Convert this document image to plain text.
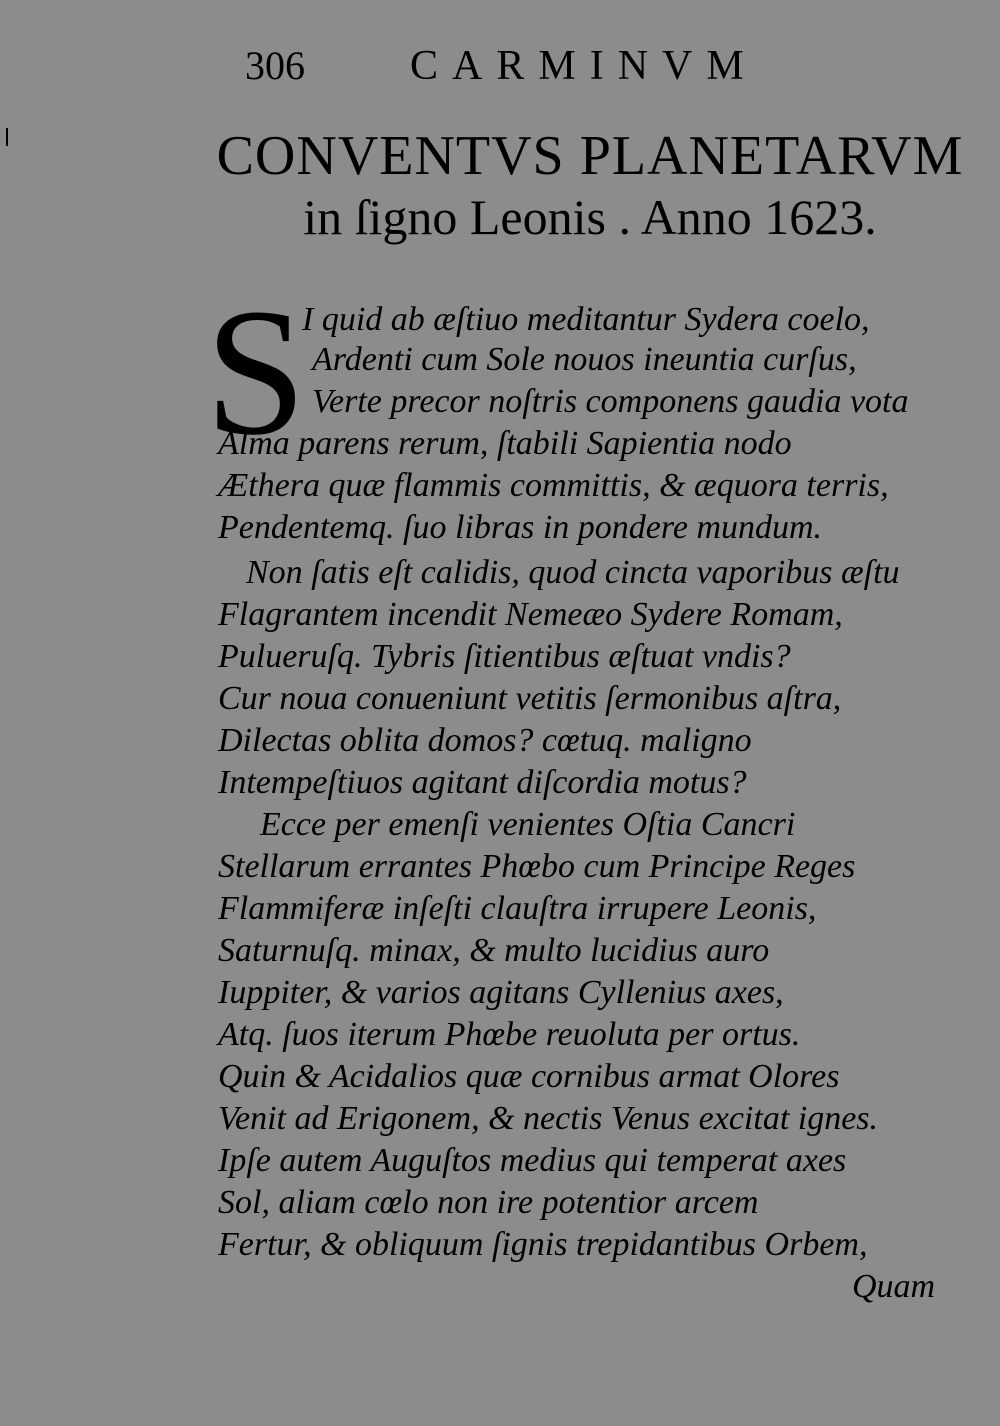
306	CARMINVM
CONVENTVS PLANETARVM
in ſigno Leonis . Anno 1623.
S
I quid ab æſtiuo meditantur Sydera coelo,
Ardenti cum Sole nouos ineuntia curſus,
Verte precor noſtris componens gaudia vota
Alma parens rerum, ſtabili Sapientia nodo
Æthera quæ flammis committis, & æquora terris,
Pendentemq. ſuo libras in pondere mundum.
Non ſatis eſt calidis, quod cincta vaporibus æſtu
Flagrantem incendit Nemeæo Sydere Romam,
Pulueruſq. Tybris ſitientibus æſtuat vndis?
Cur noua conueniunt vetitis ſermonibus aſtra,
Dilectas oblita domos? cœtuq. maligno
Intempeſtiuos agitant diſcordia motus?
Ecce per emenſi venientes Oſtia Cancri
Stellarum errantes Phœbo cum Principe Reges
Flammiferæ inſeſti clauſtra irrupere Leonis,
Saturnuſq. minax, & multo lucidius auro
Iuppiter, & varios agitans Cyllenius axes,
Atq. ſuos iterum Phœbe reuoluta per ortus.
Quin & Acidalios quæ cornibus armat Olores
Venit ad Erigonem, & nectis Venus excitat ignes.
Ipſe autem Auguſtos medius qui temperat axes
Sol, aliam cœlo non ire potentior arcem
Fertur, & obliquum ſignis trepidantibus Orbem,
Quam
